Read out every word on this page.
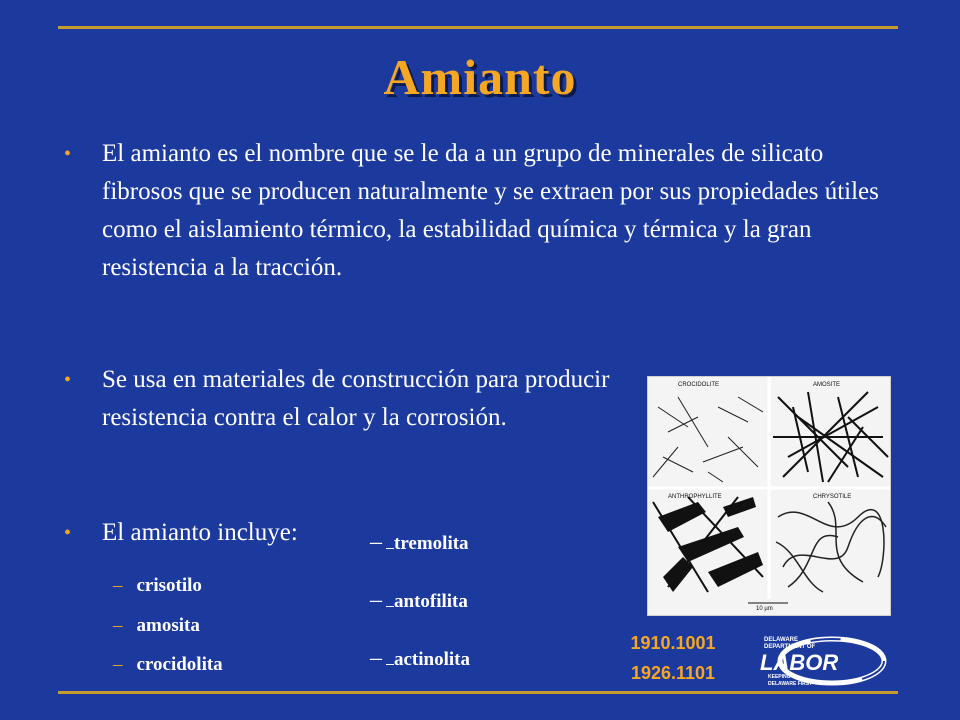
Amianto
• El amianto es el nombre que se le da a un grupo de minerales de silicato fibrosos que se producen naturalmente y se extraen por sus propiedades útiles como el aislamiento térmico, la estabilidad química y térmica y la gran resistencia a la tracción.
• Se usa en materiales de construcción para producir resistencia contra el calor y la corrosión.
• El amianto incluye:
– crisotilo
– amosita
– crocidolita
– tremolita
– antofilita
– actinolita
CROCIDOLITE	AMOSITE
ANTHROPHYLLITE	CHRYSOTILE
10 µm
1910.1001
1926.1101
DELAWARE
DEPARTMENT OF
LABOR
KEEPING
DELAWARE FIRST
